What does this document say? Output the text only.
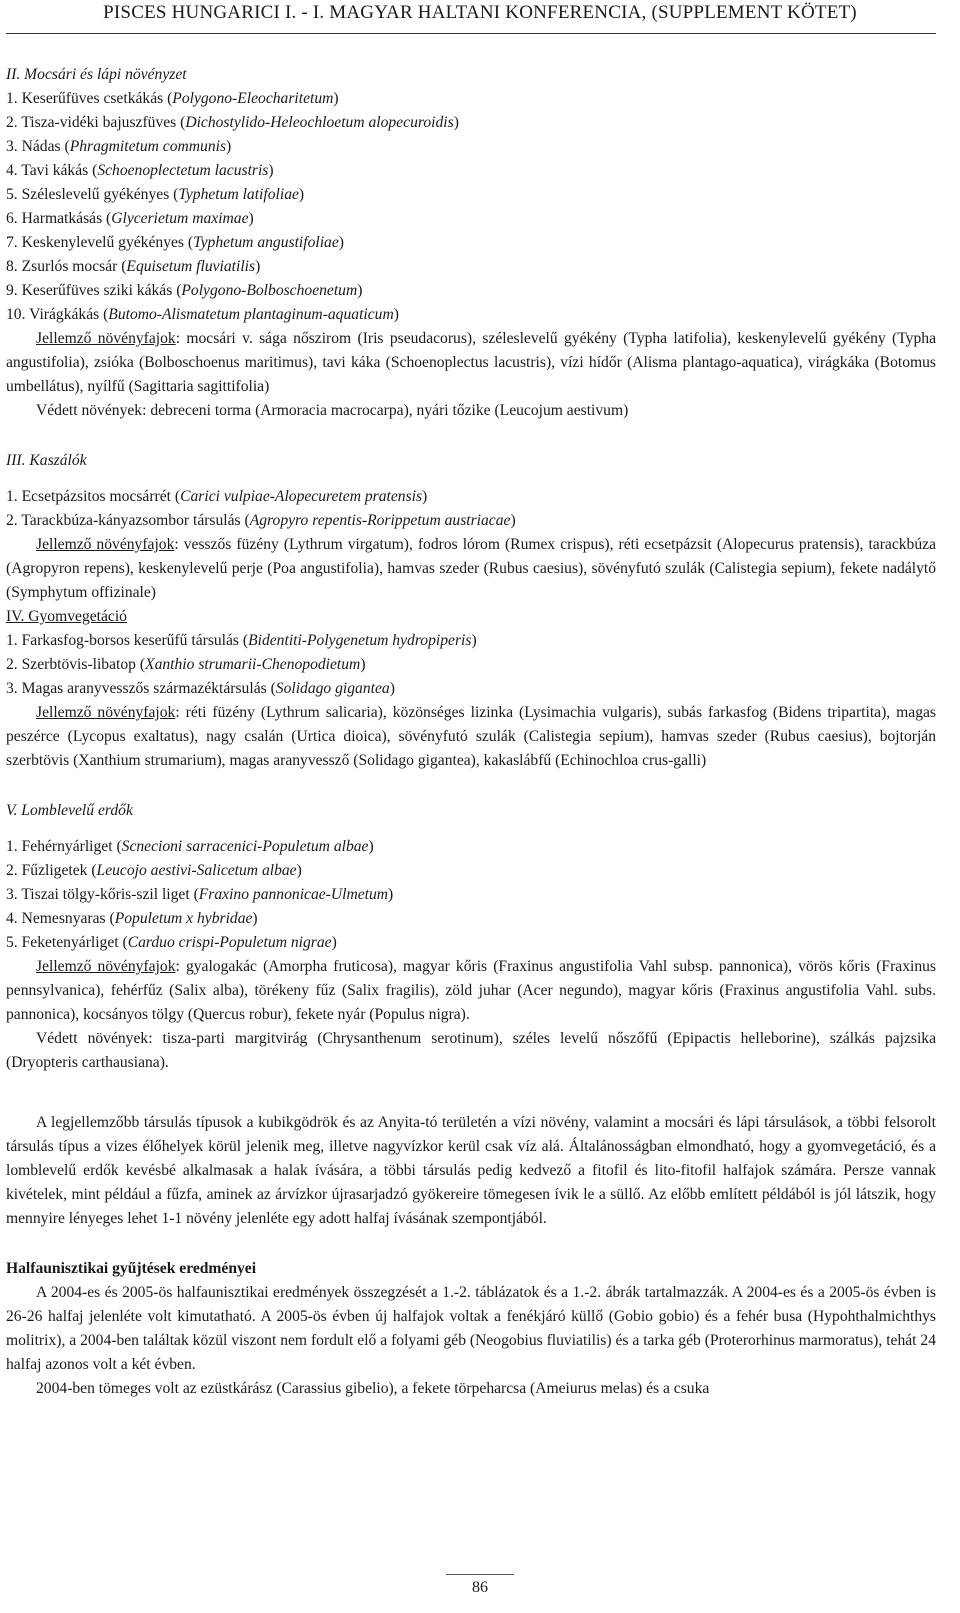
PISCES HUNGARICI I. - I. MAGYAR HALTANI KONFERENCIA, (SUPPLEMENT KÖTET)

II. Mocsári és lápi növényzet

1. Keserűfüves csetkákás (Polygono-Eleocharitetum)

2. Tisza-vidéki bajuszfüves (Dichostylido-Heleochloetum alopecuroidis)

3. Nádas (Phragmitetum communis)

4. Tavi kákás (Schoenoplectetum lacustris)

5. Széleslevelű gyékényes (Typhetum latifoliae)

6. Harmatkásás (Glycerietum maximae)

7. Keskenylevelű gyékényes (Typhetum angustifoliae)

8. Zsurlós mocsár (Equisetum fluviatilis)

9. Keserűfüves sziki kákás (Polygono-Bolboschoenetum)

10. Virágkákás (Butomo-Alismatetum plantaginum-aquaticum)

Jellemző növényfajok: mocsári v. sága nőszirom (Iris pseudacorus), széleslevelű gyékény (Typha latifolia), keskenylevelű gyékény (Typha angustifolia), zsióka (Bolboschoenus maritimus), tavi káka (Schoenoplectus lacustris), vízi hídőr (Alisma plantago-aquatica), virágkáka (Botomus umbellátus), nyílfű (Sagittaria sagittifolia)

Védett növények: debreceni torma (Armoracia macrocarpa), nyári tőzike (Leucojum aestivum)

III. Kaszálók

1. Ecsetpázsitos mocsárrét (Carici vulpiae-Alopecuretem pratensis)

2. Tarackbúza-kányazsombor társulás (Agropyro repentis-Rorippetum austriacae)

Jellemző növényfajok: vesszős füzény (Lythrum virgatum), fodros lórom (Rumex crispus), réti ecsetpázsit (Alopecurus pratensis), tarackbúza (Agropyron repens), keskenylevelű perje (Poa angustifolia), hamvas szeder (Rubus caesius), sövényfutó szulák (Calistegia sepium), fekete nadálytő (Symphytum offizinale)

IV. Gyomvegetáció

1. Farkasfog-borsos keserűfű társulás (Bidentiti-Polygenetum hydropiperis)

2. Szerbtövis-libatop (Xanthio strumarii-Chenopodietum)

3. Magas aranyvesszős származéktársulás (Solidago gigantea)

Jellemző növényfajok: réti füzény (Lythrum salicaria), közönséges lizinka (Lysimachia vulgaris), subás farkasfog (Bidens tripartita), magas peszérce (Lycopus exaltatus), nagy csalán (Urtica dioica), sövényfutó szulák (Calistegia sepium), hamvas szeder (Rubus caesius), bojtorján szerbtövis (Xanthium strumarium), magas aranyvessző (Solidago gigantea), kakaslábfű (Echinochloa crus-galli)

V. Lomblevelű erdők

1. Fehérnyárliget (Scnecioni sarracenici-Populetum albae)

2. Fűzligetek (Leucojo aestivi-Salicetum albae)

3. Tiszai tölgy-kőris-szil liget (Fraxino pannonicae-Ulmetum)

4. Nemesnyaras (Populetum x hybridae)

5. Feketenyárliget (Carduo crispi-Populetum nigrae)

Jellemző növényfajok: gyalogakác (Amorpha fruticosa), magyar kőris (Fraxinus angustifolia Vahl subsp. pannonica), vörös kőris (Fraxinus pennsylvanica), fehérfűz (Salix alba), törékeny fűz (Salix fragilis), zöld juhar (Acer negundo), magyar kőris (Fraxinus angustifolia Vahl. subs. pannonica), kocsányos tölgy (Quercus robur), fekete nyár (Populus nigra).

Védett növények: tisza-parti margitvirág (Chrysanthenum serotinum), széles levelű nőszőfű (Epipactis helleborine), szálkás pajzsika (Dryopteris carthausiana).

A legjellemzőbb társulás típusok a kubikgödrök és az Anyita-tó területén a vízi növény, valamint a mocsári és lápi társulások, a többi felsorolt társulás típus a vizes élőhelyek körül jelenik meg, illetve nagyvízkor kerül csak víz alá. Általánosságban elmondható, hogy a gyomvegetáció, és a lomblevelű erdők kevésbé alkalmasak a halak ívására, a többi társulás pedig kedvező a fitofil és lito-fitofil halfajok számára. Persze vannak kivételek, mint például a fűzfa, aminek az árvízkor újrasarjadzó gyökereire tömegesen ívik le a süllő. Az előbb említett példából is jól látszik, hogy mennyire lényeges lehet 1-1 növény jelenléte egy adott halfaj ívásának szempontjából.

Halfaunisztikai gyűjtések eredményei

A 2004-es és 2005-ös halfaunisztikai eredmények összegzését a 1.-2. táblázatok és a 1.-2. ábrák tartalmazzák. A 2004-es és a 2005-ös évben is 26-26 halfaj jelenléte volt kimutatható. A 2005-ös évben új halfajok voltak a fenékjáró küllő (Gobio gobio) és a fehér busa (Hypohthalmichthys molitrix), a 2004-ben találtak közül viszont nem fordult elő a folyami géb (Neogobius fluviatilis) és a tarka géb (Proterorhinus marmoratus), tehát 24 halfaj azonos volt a két évben.

2004-ben tömeges volt az ezüstkárász (Carassius gibelio), a fekete törpeharcsa (Ameiurus melas) és a csuka

86
